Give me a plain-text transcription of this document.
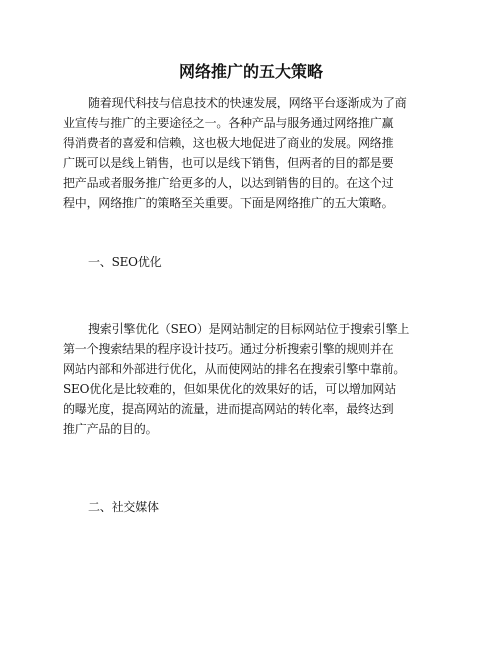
网络推广的五大策略
随着现代科技与信息技术的快速发展，网络平台逐渐成为了商
业宣传与推广的主要途径之一。各种产品与服务通过网络推广赢
得消费者的喜爱和信赖，这也极大地促进了商业的发展。网络推
广既可以是线上销售，也可以是线下销售，但两者的目的都是要
把产品或者服务推广给更多的人，以达到销售的目的。在这个过
程中，网络推广的策略至关重要。下面是网络推广的五大策略。
一、SEO优化
搜索引擎优化（SEO）是网站制定的目标网站位于搜索引擎上
第一个搜索结果的程序设计技巧。通过分析搜索引擎的规则并在
网站内部和外部进行优化，从而使网站的排名在搜索引擎中靠前。
SEO优化是比较难的，但如果优化的效果好的话，可以增加网站
的曝光度，提高网站的流量，进而提高网站的转化率，最终达到
推广产品的目的。
二、社交媒体
